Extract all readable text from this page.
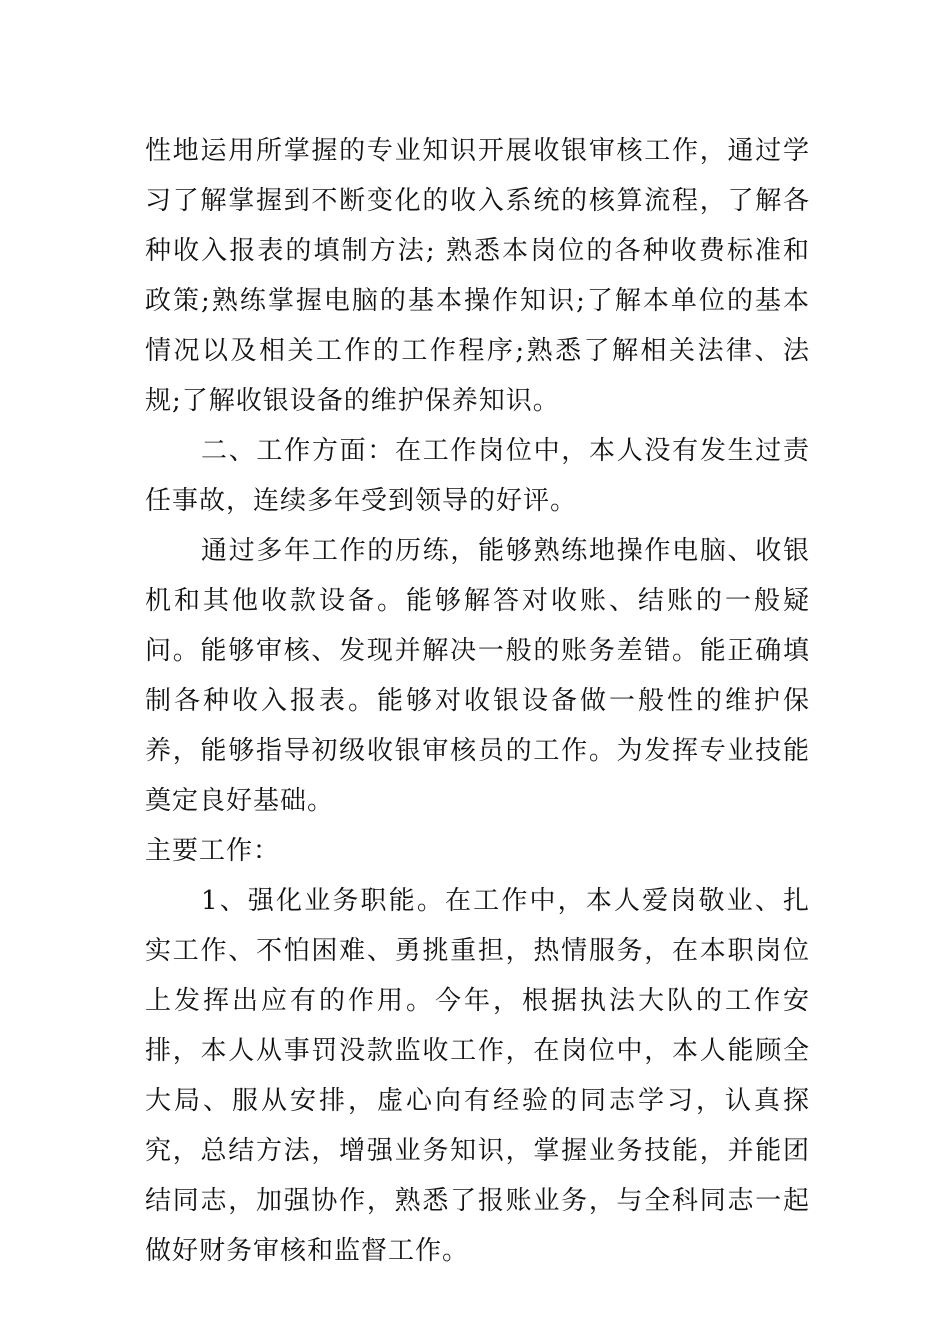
性地运用所掌握的专业知识开展收银审核工作，通过学习了解掌握到不断变化的收入系统的核算流程，了解各种收入报表的填制方法; 熟悉本岗位的各种收费标准和政策;熟练掌握电脑的基本操作知识;了解本单位的基本情况以及相关工作的工作程序;熟悉了解相关法律、法规;了解收银设备的维护保养知识。

二、工作方面：在工作岗位中，本人没有发生过责任事故，连续多年受到领导的好评。

通过多年工作的历练，能够熟练地操作电脑、收银机和其他收款设备。能够解答对收账、结账的一般疑问。能够审核、发现并解决一般的账务差错。能正确填制各种收入报表。能够对收银设备做一般性的维护保养，能够指导初级收银审核员的工作。为发挥专业技能奠定良好基础。

主要工作：

1、强化业务职能。在工作中，本人爱岗敬业、扎实工作、不怕困难、勇挑重担，热情服务，在本职岗位上发挥出应有的作用。今年，根据执法大队的工作安排，本人从事罚没款监收工作，在岗位中，本人能顾全大局、服从安排，虚心向有经验的同志学习，认真探究，总结方法，增强业务知识，掌握业务技能，并能团结同志，加强协作，熟悉了报账业务，与全科同志一起做好财务审核和监督工作。
